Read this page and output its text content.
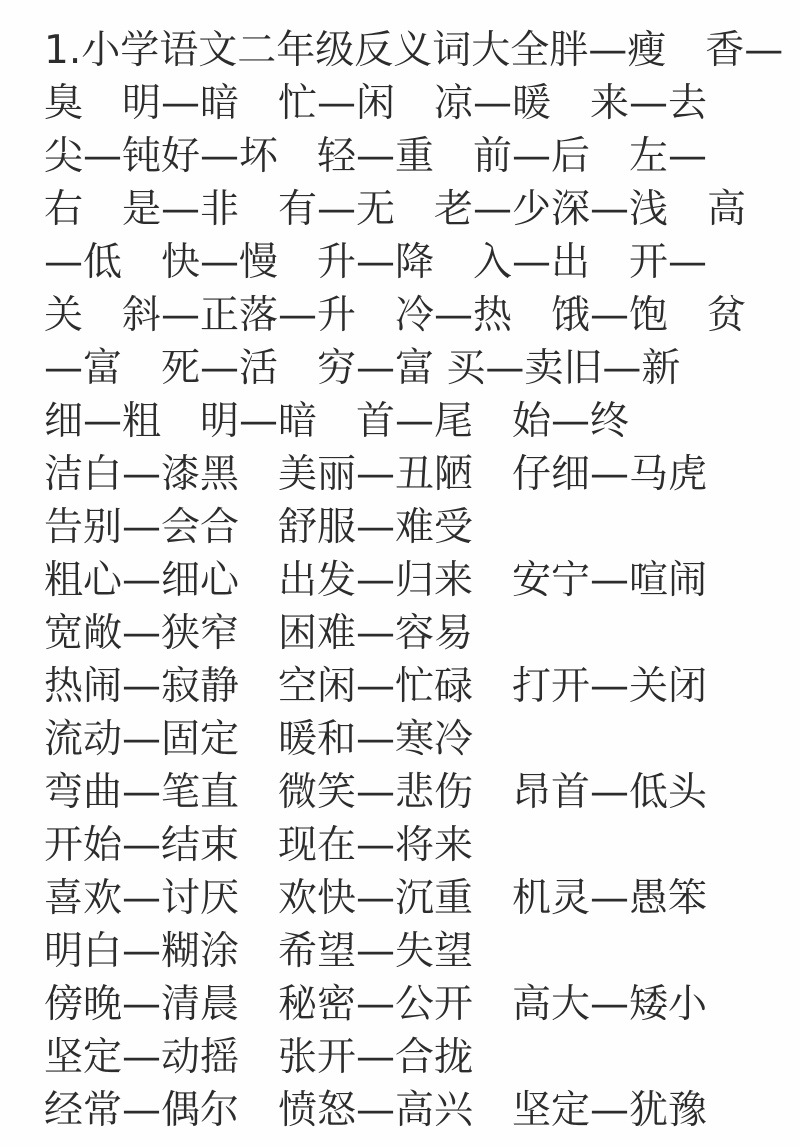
1.小学语文二年级反义词大全胖—瘦　香—
臭　明—暗　忙—闲　凉—暖　来—去
尖—钝好—坏　轻—重　前—后　左—
右　是—非　有—无　老—少深—浅　高
—低　快—慢　升—降　入—出　开—
关　斜—正落—升　冷—热　饿—饱　贫
—富　死—活　穷—富 买—卖旧—新
细—粗　明—暗　首—尾　始—终
洁白—漆黑　美丽—丑陋　仔细—马虎
告别—会合　舒服—难受
粗心—细心　出发—归来　安宁—喧闹
宽敞—狭窄　困难—容易
热闹—寂静　空闲—忙碌　打开—关闭
流动—固定　暖和—寒冷
弯曲—笔直　微笑—悲伤　昂首—低头
开始—结束　现在—将来
喜欢—讨厌　欢快—沉重　机灵—愚笨
明白—糊涂　希望—失望
傍晚—清晨　秘密—公开　高大—矮小
坚定—动摇　张开—合拢
经常—偶尔　愤怒—高兴　坚定—犹豫
